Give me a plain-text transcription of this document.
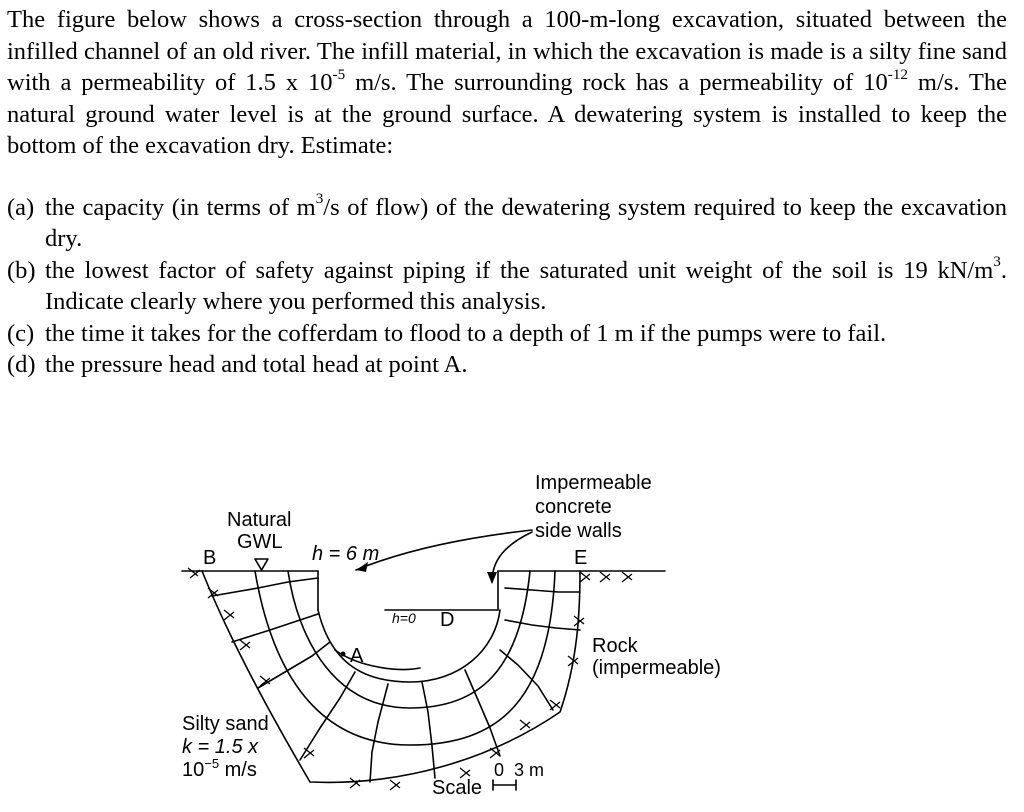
The figure below shows a cross-section through a 100-m-long excavation, situated between the infilled channel of an old river. The infill material, in which the excavation is made is a silty fine sand with a permeability of 1.5 x $10^{-5}$ m/s. The surrounding rock has a permeability of $10^{-12}$ m/s. The natural ground water level is at the ground surface. A dewatering system is installed to keep the bottom of the excavation dry. Estimate:

(a) the capacity (in terms of $m^3/s$ of flow) of the dewatering system required to keep the excavation dry.
(b) the lowest factor of safety against piping if the saturated unit weight of the soil is 19 $kN/m^3$. Indicate clearly where you performed this analysis.
(c) the time it takes for the cofferdam to flood to a depth of 1 m if the pumps were to fail.
(d) the pressure head and total head at point A.
Natural
GWL
B	h = 6 m
h=0 D
A
E
Impermeable
concrete
side walls
Rock
(impermeable)
Silty sand
k = 1.5 x
$10^{-5}$ m/s
Scale
0  3 m
